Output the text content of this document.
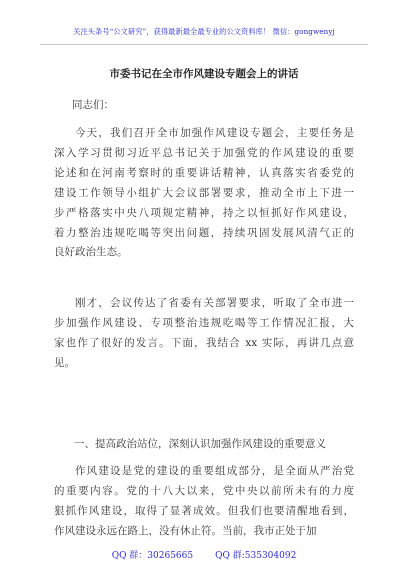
关注头条号“公文研究”，获得最新最全最专业的公文资料库！ 微信：gongwenyj
市委书记在全市作风建设专题会上的讲话
同志们：
今天，我们召开全市加强作风建设专题会，主要任务是
深入学习贯彻习近平总书记关于加强党的作风建设的重要
论述和在河南考察时的重要讲话精神，认真落实省委党的
建设工作领导小组扩大会议部署要求，推动全市上下进一
步严格落实中央八项规定精神，持之以恒抓好作风建设，
着力整治违规吃喝等突出问题，持续巩固发展风清气正的
良好政治生态。
刚才，会议传达了省委有关部署要求，听取了全市进一
步加强作风建设、专项整治违规吃喝等工作情况汇报，大
家也作了很好的发言。下面，我结合 xx 实际，再讲几点意
见。
一、提高政治站位，深刻认识加强作风建设的重要意义
作风建设是党的建设的重要组成部分，是全面从严治党
的重要内容。党的十八大以来，党中央以前所未有的力度
狠抓作风建设，取得了显著成效。但我们也要清醒地看到，
作风建设永远在路上，没有休止符。当前，我市正处于加
QQ 群：30265665 QQ 群:535304092
